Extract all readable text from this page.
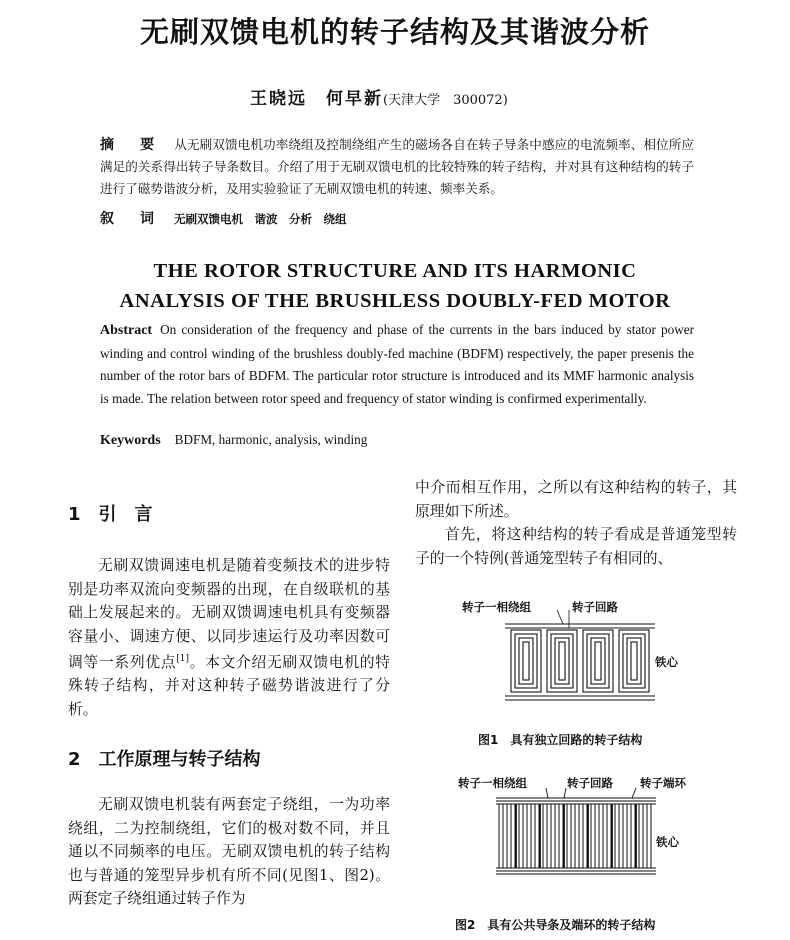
无刷双馈电机的转子结构及其谐波分析
王晓远　何早新(天津大学　300072)
摘　要 从无刷双馈电机功率绕组及控制绕组产生的磁场各自在转子导条中感应的电流频率、相位所应满足的关系得出转子导条数目。介绍了用于无刷双馈电机的比较特殊的转子结构，并对具有这种结构的转子进行了磁势谐波分析，及用实验验证了无刷双馈电机的转速、频率关系。
叙　词 无刷双馈电机　谐波　分析　绕组
THE ROTOR STRUCTURE AND ITS HARMONIC
ANALYSIS OF THE BRUSHLESS DOUBLY-FED MOTOR
Abstract On consideration of the frequency and phase of the currents in the bars induced by stator power winding and control winding of the brushless doubly-fed machine (BDFM) respectively, the paper presenis the number of the rotor bars of BDFM. The particular rotor structure is introduced and its MMF harmonic analysis is made. The relation between rotor speed and frequency of stator winding is confirmed experimentally.
Keywords BDFM, harmonic, analysis, winding
1　引　言

无刷双馈调速电机是随着变频技术的进步特别是功率双流向变频器的出现，在自级联机的基础上发展起来的。无刷双馈调速电机具有变频器容量小、调速方便、以同步速运行及功率因数可调等一系列优点[1]。本文介绍无刷双馈电机的特殊转子结构，并对这种转子磁势谐波进行了分析。

2　工作原理与转子结构

无刷双馈电机装有两套定子绕组，一为功率绕组，二为控制绕组，它们的极对数不同，并且通以不同频率的电压。无刷双馈电机的转子结构也与普通的笼型异步机有所不同(见图1、图2)。两套定子绕组通过转子作为

中介而相互作用，之所以有这种结构的转子，其原理如下所述。

首先，将这种结构的转子看成是普通笼型转子的一个特例(普通笼型转子有相同的、

转子一相绕组	转子回路
铁心
图1　具有独立回路的转子结构
转子一相绕组	转子回路 转子端环
铁心
图2　具有公共导条及端环的转子结构
